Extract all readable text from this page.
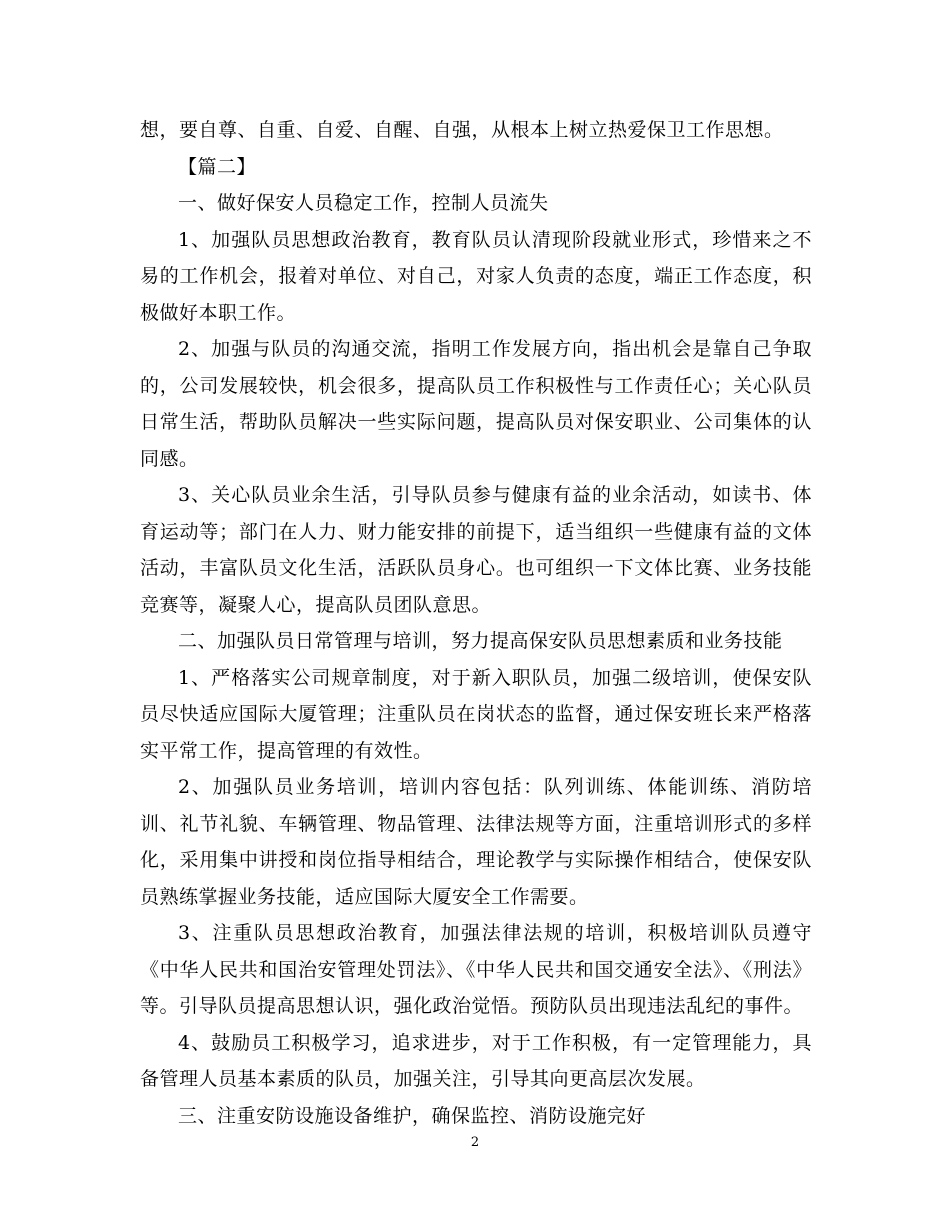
想，要自尊、自重、自爱、自醒、自强，从根本上树立热爱保卫工作思想。

【篇二】

一、做好保安人员稳定工作，控制人员流失

1、加强队员思想政治教育，教育队员认清现阶段就业形式，珍惜来之不易的工作机会，报着对单位、对自己，对家人负责的态度，端正工作态度，积极做好本职工作。

2、加强与队员的沟通交流，指明工作发展方向，指出机会是靠自己争取的，公司发展较快，机会很多，提高队员工作积极性与工作责任心；关心队员日常生活，帮助队员解决一些实际问题，提高队员对保安职业、公司集体的认同感。

3、关心队员业余生活，引导队员参与健康有益的业余活动，如读书、体育运动等；部门在人力、财力能安排的前提下，适当组织一些健康有益的文体活动，丰富队员文化生活，活跃队员身心。也可组织一下文体比赛、业务技能竞赛等，凝聚人心，提高队员团队意思。

二、加强队员日常管理与培训，努力提高保安队员思想素质和业务技能

1、严格落实公司规章制度，对于新入职队员，加强二级培训，使保安队员尽快适应国际大厦管理；注重队员在岗状态的监督，通过保安班长来严格落实平常工作，提高管理的有效性。

2、加强队员业务培训，培训内容包括：队列训练、体能训练、消防培训、礼节礼貌、车辆管理、物品管理、法律法规等方面，注重培训形式的多样化，采用集中讲授和岗位指导相结合，理论教学与实际操作相结合，使保安队员熟练掌握业务技能，适应国际大厦安全工作需要。

3、注重队员思想政治教育，加强法律法规的培训，积极培训队员遵守《中华人民共和国治安管理处罚法》、《中华人民共和国交通安全法》、《刑法》等。引导队员提高思想认识，强化政治觉悟。预防队员出现违法乱纪的事件。

4、鼓励员工积极学习，追求进步，对于工作积极，有一定管理能力，具备管理人员基本素质的队员，加强关注，引导其向更高层次发展。

三、注重安防设施设备维护，确保监控、消防设施完好

2
